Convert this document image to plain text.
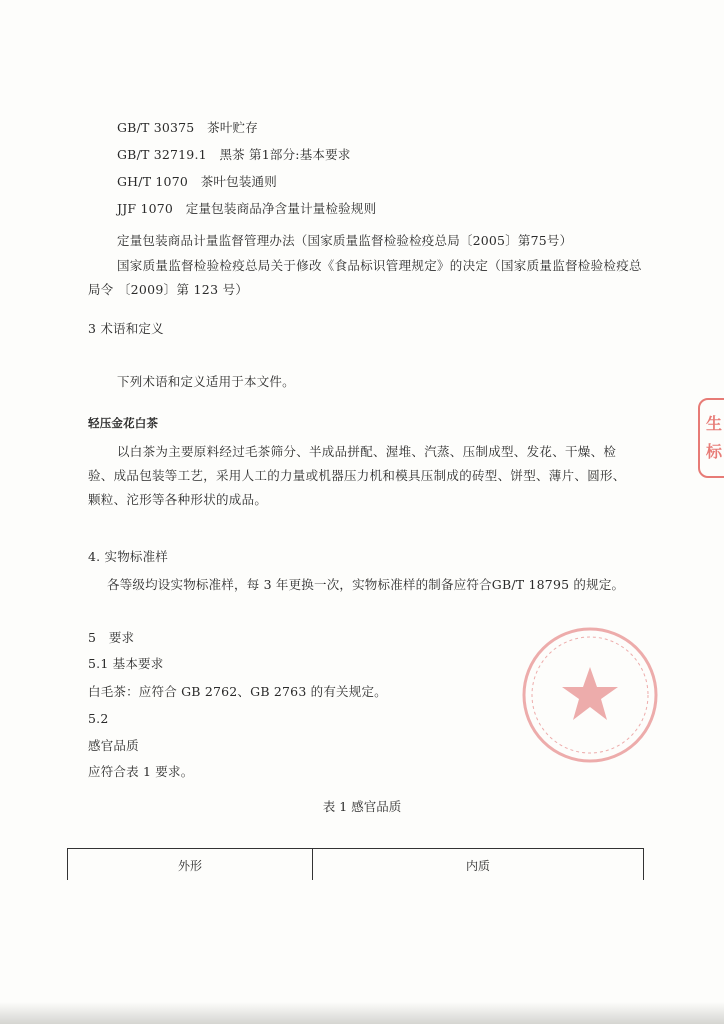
GB/T 30375　茶叶贮存
GB/T 32719.1　黑茶 第1部分:基本要求
GH/T 1070　茶叶包装通则
JJF 1070　定量包装商品净含量计量检验规则
定量包装商品计量监督管理办法（国家质量监督检验检疫总局〔2005〕第75号）
国家质量监督检验检疫总局关于修改《食品标识管理规定》的决定（国家质量监督检验检疫总局令 〔2009〕第 123 号）
3 术语和定义
下列术语和定义适用于本文件。
轻压金花白茶
以白茶为主要原料经过毛茶筛分、半成品拼配、渥堆、汽蒸、压制成型、发花、干燥、检验、成品包装等工艺，采用人工的力量或机器压力机和模具压制成的砖型、饼型、薄片、圆形、颗粒、沱形等各种形状的成品。
4. 实物标准样
各等级均设实物标准样，每 3 年更换一次，实物标准样的制备应符合GB/T 18795 的规定。
5　要求
5.1 基本要求
白毛茶：应符合 GB 2762、GB 2763 的有关规定。
5.2
感官品质
应符合表 1 要求。
表 1 感官品质
外形	内质
生
标
